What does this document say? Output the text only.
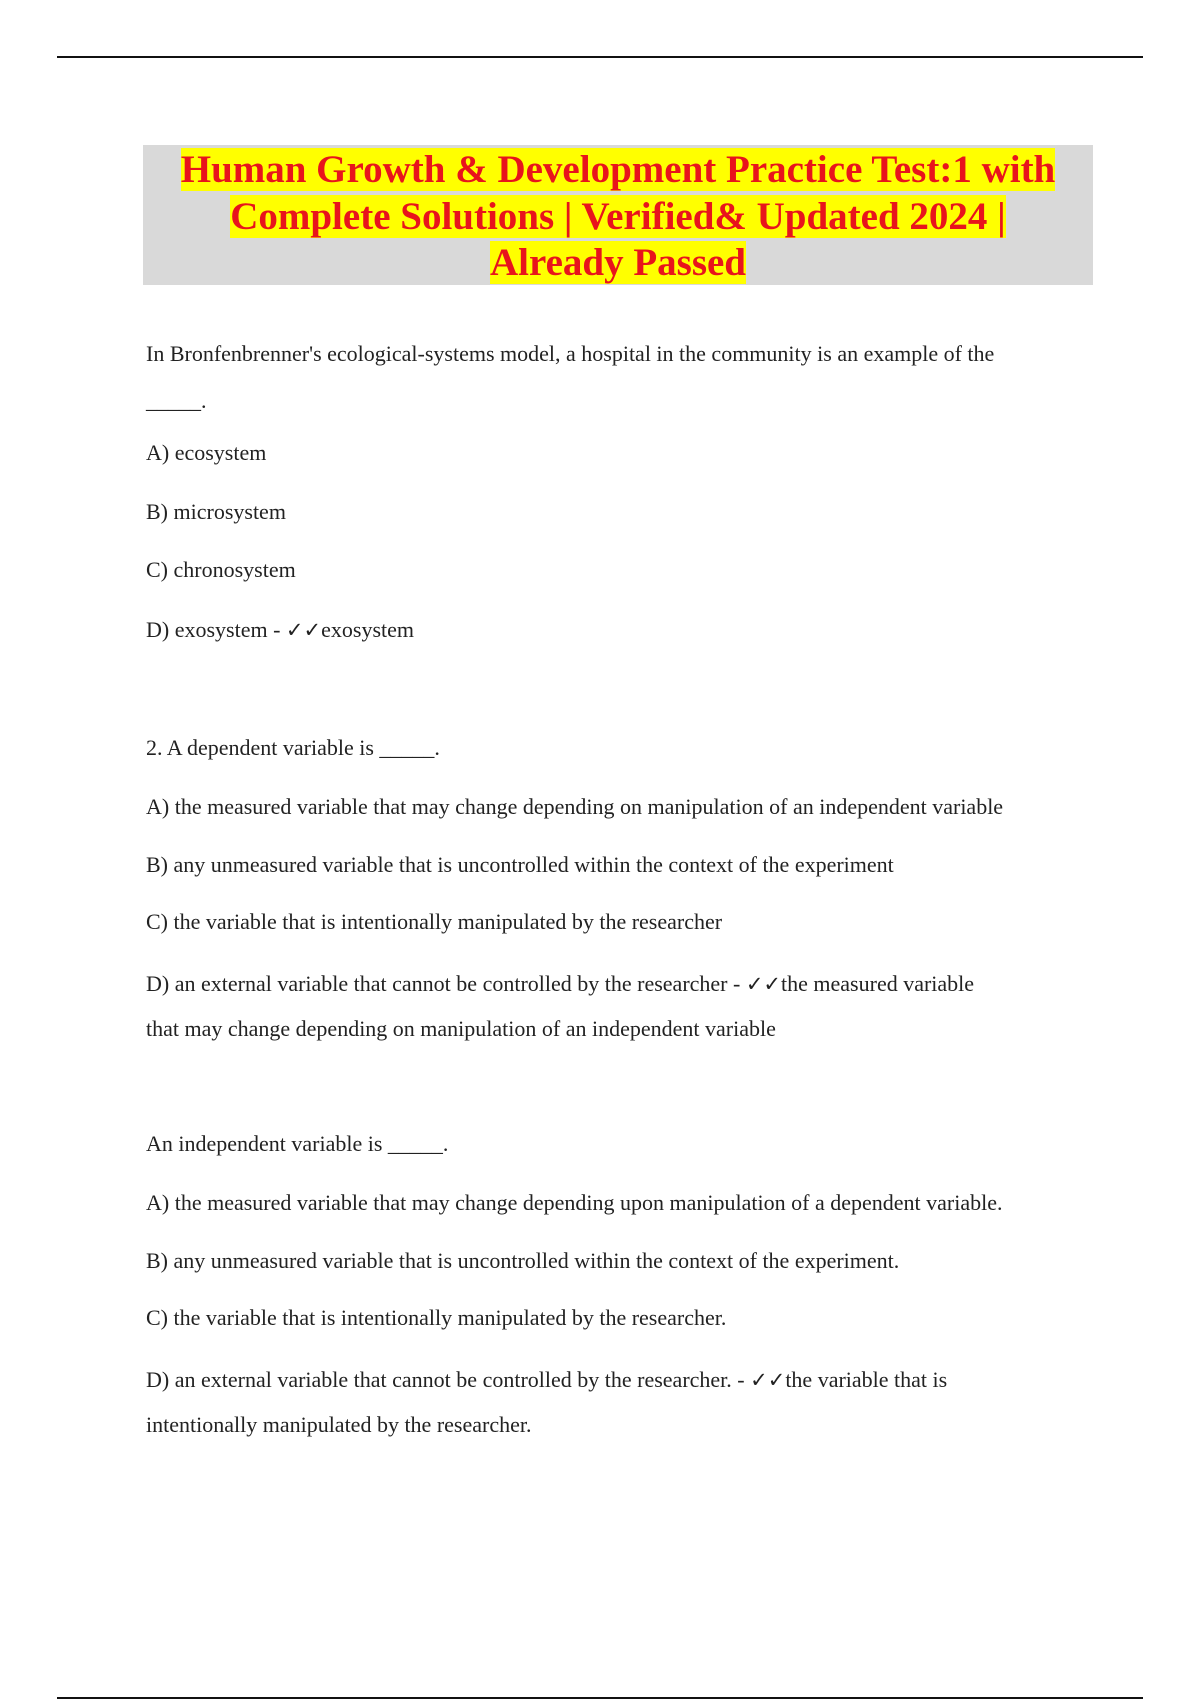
Human Growth & Development Practice Test:1 with
Complete Solutions | Verified& Updated 2024 |
Already Passed
In Bronfenbrenner's ecological-systems model, a hospital in the community is an example of the
_____.
A) ecosystem
B) microsystem
C) chronosystem
D) exosystem - ✓✓exosystem
2. A dependent variable is _____.
A) the measured variable that may change depending on manipulation of an independent variable
B) any unmeasured variable that is uncontrolled within the context of the experiment
C) the variable that is intentionally manipulated by the researcher
D) an external variable that cannot be controlled by the researcher - ✓✓the measured variable
that may change depending on manipulation of an independent variable
An independent variable is _____.
A) the measured variable that may change depending upon manipulation of a dependent variable.
B) any unmeasured variable that is uncontrolled within the context of the experiment.
C) the variable that is intentionally manipulated by the researcher.
D) an external variable that cannot be controlled by the researcher. - ✓✓the variable that is
intentionally manipulated by the researcher.
